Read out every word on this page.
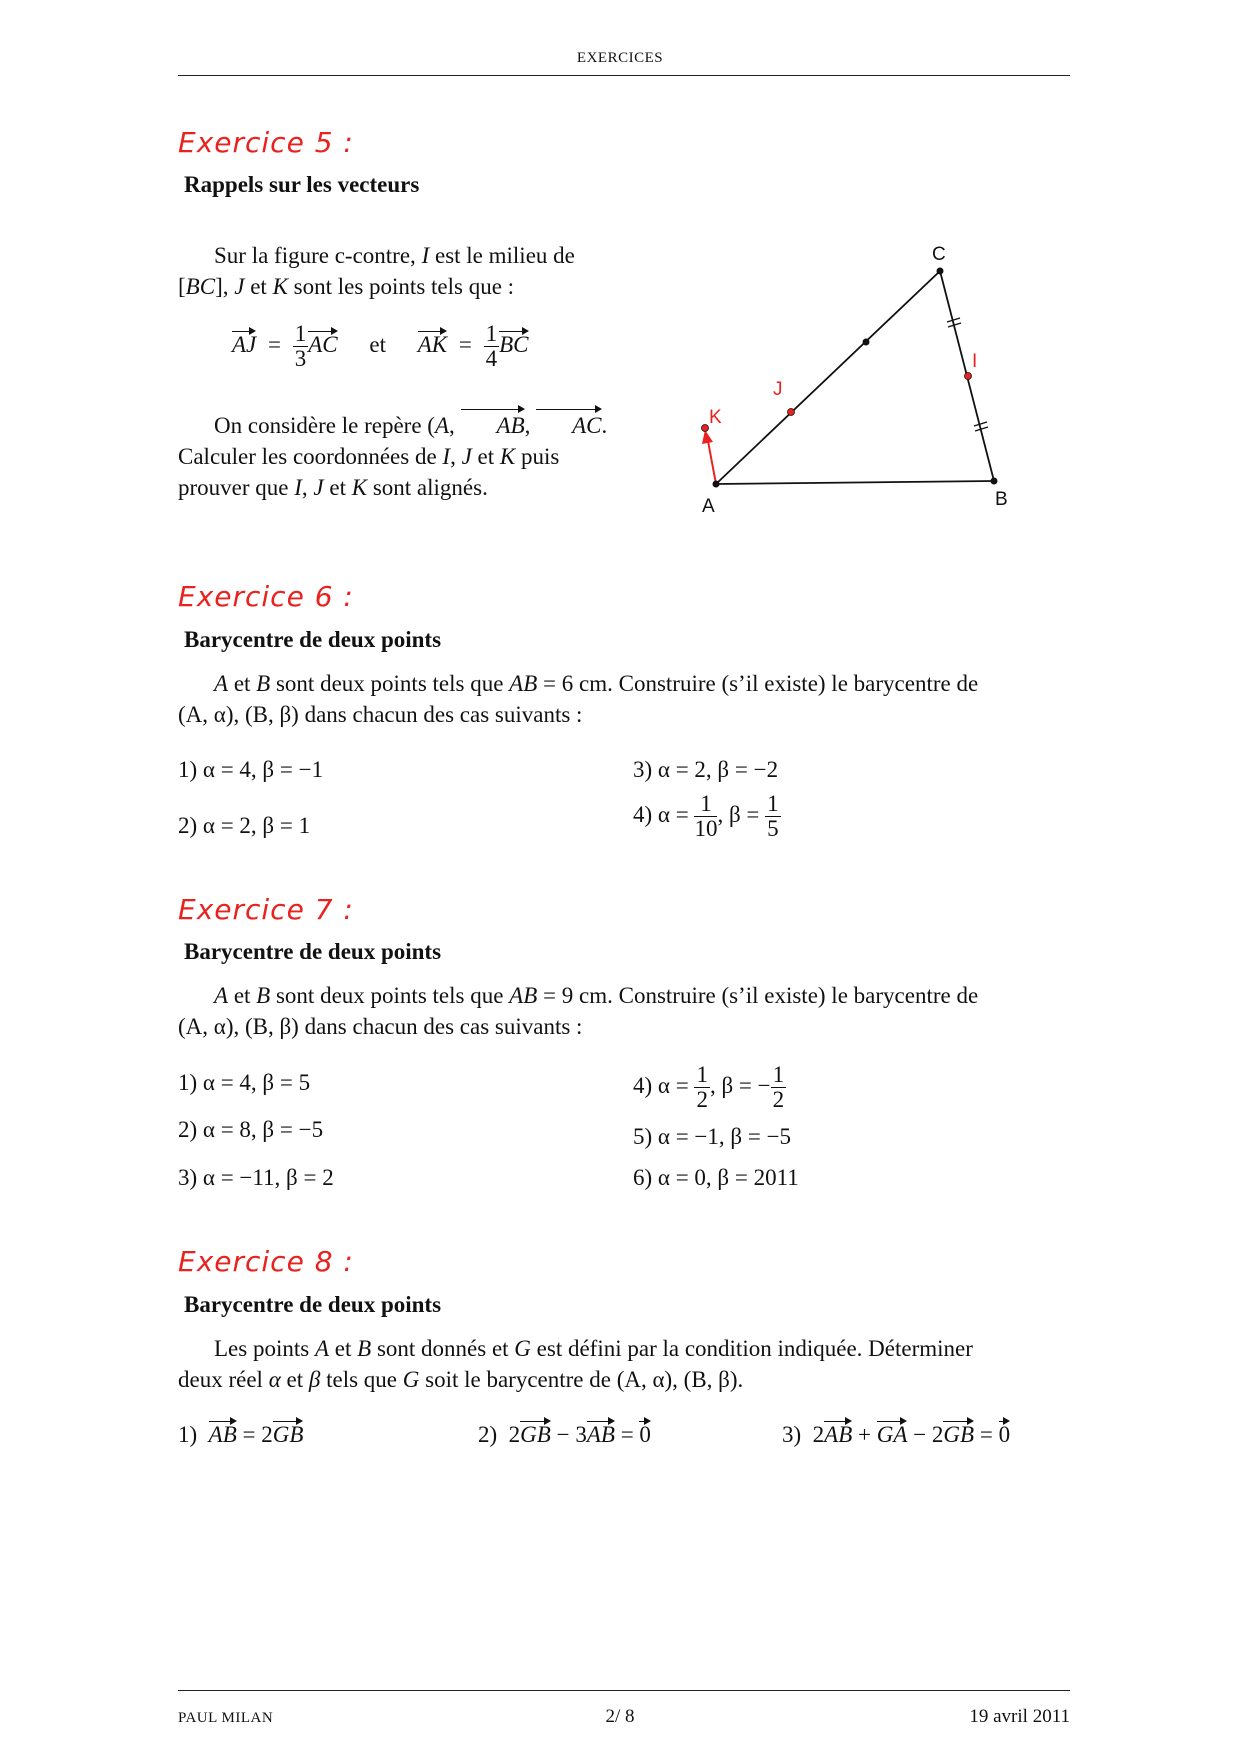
EXERCICES
Exercice 5 :
Rappels sur les vecteurs
Sur la figure c-contre, I est le milieu de
[BC], J et K sont les points tels que :
AJ = $\frac{1}{3}$ AC et AK = $\frac{1}{4}$ BC
On considère le repère (A, AB, AC.
Calculer les coordonnées de I, J et K puis
prouver que I, J et K sont alignés.
A	B
C
I
J
K
Exercice 6 :
Barycentre de deux points
A et B sont deux points tels que AB = 6 cm. Construire (s’il existe) le barycentre de
(A, α), (B, β) dans chacun des cas suivants :
1) α = 4, β = −1
2) α = 2, β = 1
3) α = 2, β = −2
4) $\alpha = \frac{1}{10}$ , $\beta = \frac{1}{5}$
Exercice 7 :
Barycentre de deux points
A et B sont deux points tels que AB = 9 cm. Construire (s’il existe) le barycentre de
(A, α), (B, β) dans chacun des cas suivants :
1) α = 4, β = 5
2) α = 8, β = −5
3) α = −11, β = 2
4) $\alpha = \frac{1}{2}$ , β = − $\frac{1}{2}$
5) α = −1, β = −5
6) α = 0, β = 2011
Exercice 8 :
Barycentre de deux points
Les points A et B sont donnés et G est défini par la condition indiquée. Déterminer
deux réel α et β tels que G soit le barycentre de (A, α), (B, β).
1) AB = 2GB	2) 2GB − 3AB = 0	3) 2AB + GA − 2GB = 0
PAUL MILAN	2/ 8	19 avril 2011
